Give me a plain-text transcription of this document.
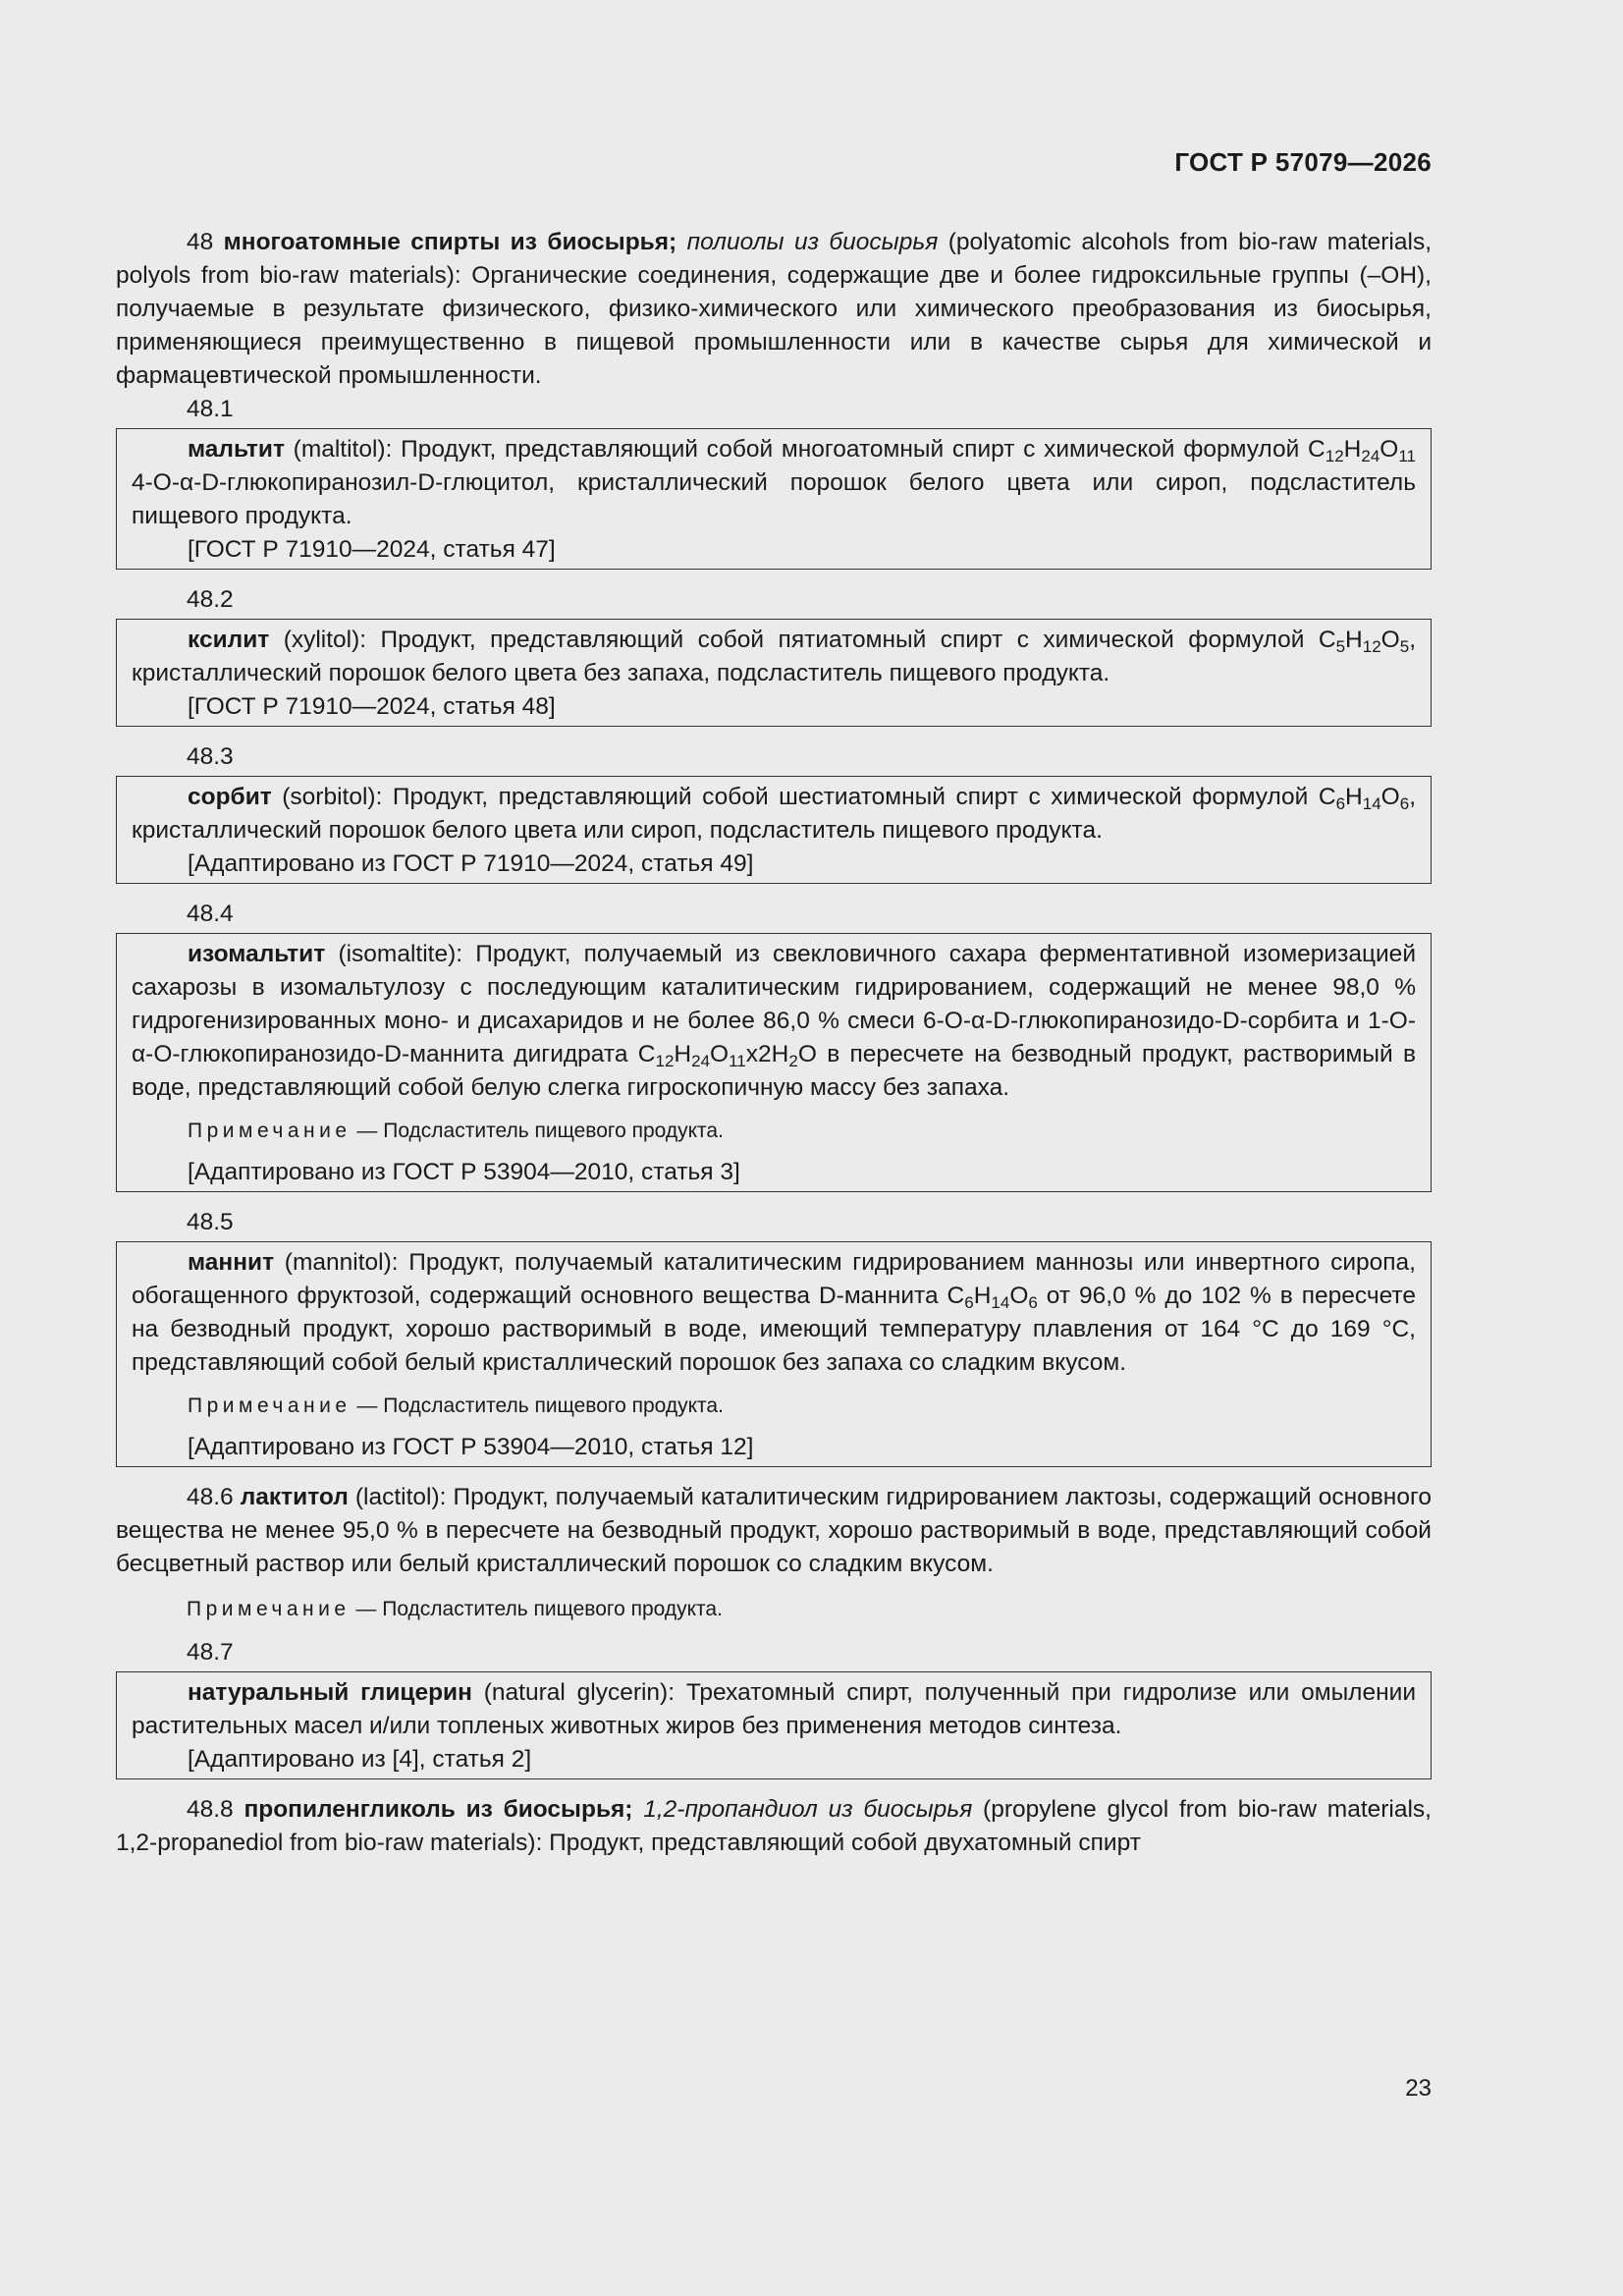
ГОСТ Р 57079—2026

48 многоатомные спирты из биосырья; полиолы из биосырья (polyatomic alcohols from bio-raw materials, polyols from bio-raw materials): Органические соединения, содержащие две и более гидроксильные группы (–OH), получаемые в результате физического, физико-химического или химического преобразования из биосырья, применяющиеся преимущественно в пищевой промышленности или в качестве сырья для химической и фармацевтической промышленности.

48.1

мальтит (maltitol): Продукт, представляющий собой многоатомный спирт с химической формулой $C_{12}H_{24}O_{11}$ 4-O-α-D-глюкопиранозил-D-глюцитол, кристаллический порошок белого цвета или сироп, подсластитель пищевого продукта.

[ГОСТ Р 71910—2024, статья 47]

48.2

ксилит (xylitol): Продукт, представляющий собой пятиатомный спирт с химической формулой $C_5H_{12}O_5$, кристаллический порошок белого цвета без запаха, подсластитель пищевого продукта.

[ГОСТ Р 71910—2024, статья 48]

48.3

сорбит (sorbitol): Продукт, представляющий собой шестиатомный спирт с химической формулой $C_6H_{14}O_6$, кристаллический порошок белого цвета или сироп, подсластитель пищевого продукта.

[Адаптировано из ГОСТ Р 71910—2024, статья 49]

48.4

изомальтит (isomaltite): Продукт, получаемый из свекловичного сахара ферментативной изомеризацией сахарозы в изомальтулозу с последующим каталитическим гидрированием, содержащий не менее 98,0 % гидрогенизированных моно- и дисахаридов и не более 86,0 % смеси 6-O-α-D-глюкопиранозидо-D-сорбита и 1-O-α-O-глюкопиранозидо-D-маннита дигидрата $C_{12}H_{24}O_{11}x2H_2O$ в пересчете на безводный продукт, растворимый в воде, представляющий собой белую слегка гигроскопичную массу без запаха.

Примечание — Подсластитель пищевого продукта.

[Адаптировано из ГОСТ Р 53904—2010, статья 3]

48.5

маннит (mannitol): Продукт, получаемый каталитическим гидрированием маннозы или инвертного сиропа, обогащенного фруктозой, содержащий основного вещества D-маннита $C_6H_{14}O_6$ от 96,0 % до 102 % в пересчете на безводный продукт, хорошо растворимый в воде, имеющий температуру плавления от 164 °С до 169 °С, представляющий собой белый кристаллический порошок без запаха со сладким вкусом.

Примечание — Подсластитель пищевого продукта.

[Адаптировано из ГОСТ Р 53904—2010, статья 12]

48.6 лактитол (lactitol): Продукт, получаемый каталитическим гидрированием лактозы, содержащий основного вещества не менее 95,0 % в пересчете на безводный продукт, хорошо растворимый в воде, представляющий собой бесцветный раствор или белый кристаллический порошок со сладким вкусом.

Примечание — Подсластитель пищевого продукта.

48.7

натуральный глицерин (natural glycerin): Трехатомный спирт, полученный при гидролизе или омылении растительных масел и/или топленых животных жиров без применения методов синтеза.

[Адаптировано из [4], статья 2]

48.8 пропиленгликоль из биосырья; 1,2-пропандиол из биосырья (propylene glycol from bio-raw materials, 1,2-propanediol from bio-raw materials): Продукт, представляющий собой двухатомный спирт

23
